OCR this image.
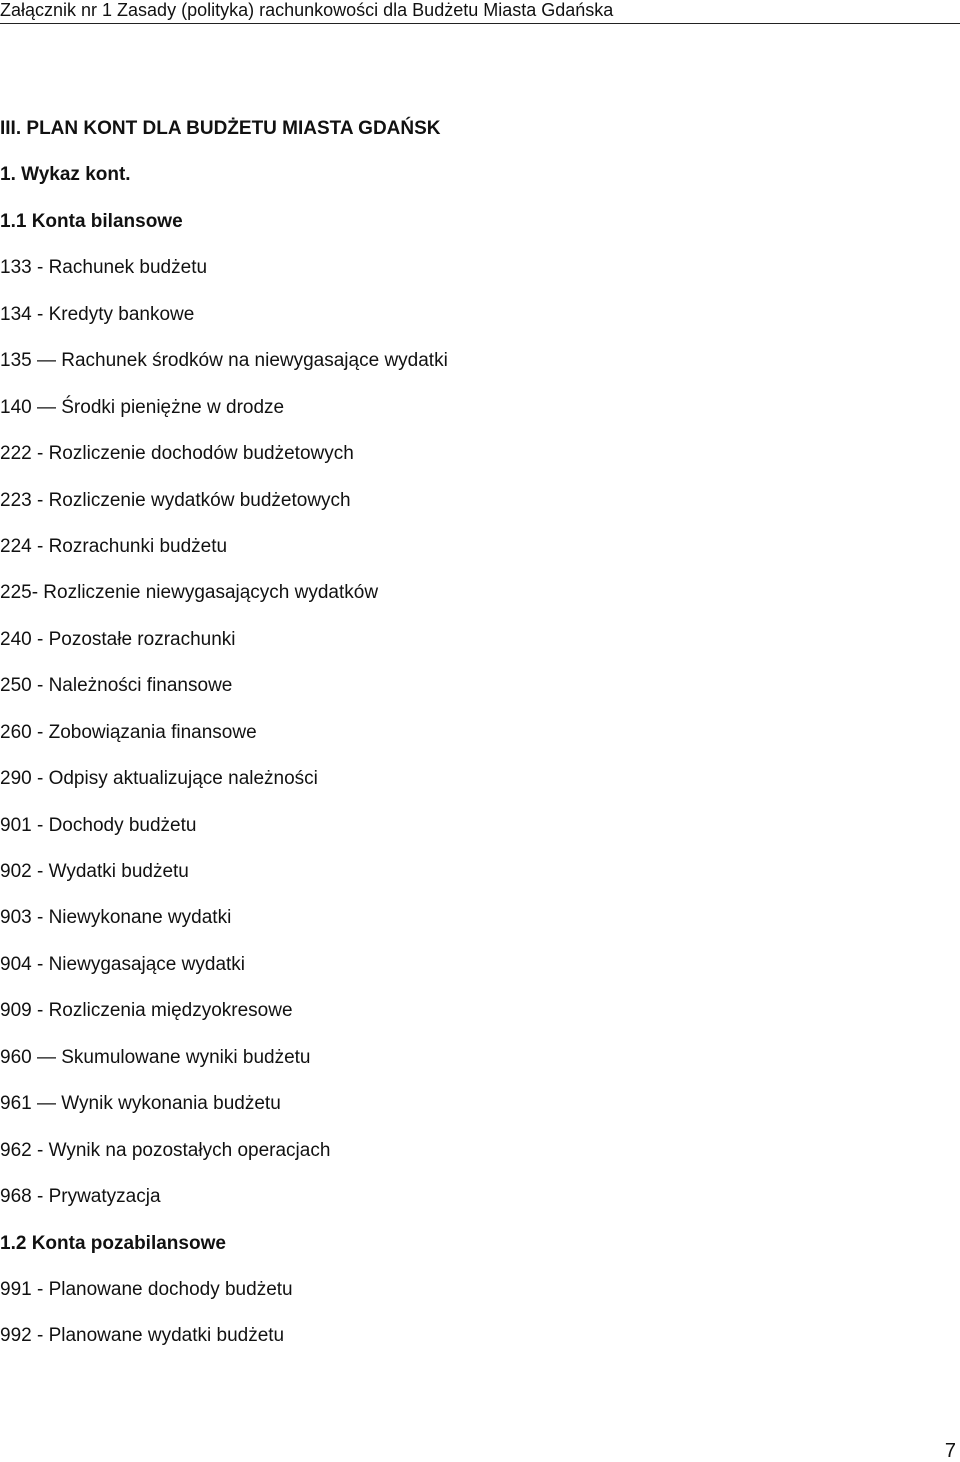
Załącznik nr 1 Zasady (polityka) rachunkowości dla Budżetu Miasta Gdańska
III. PLAN KONT DLA BUDŻETU MIASTA GDAŃSK
1. Wykaz kont.
1.1 Konta bilansowe
133 - Rachunek budżetu
134 - Kredyty bankowe
135 — Rachunek środków na niewygasające wydatki
140 — Środki pieniężne w drodze
222 - Rozliczenie dochodów budżetowych
223 - Rozliczenie wydatków budżetowych
224 - Rozrachunki budżetu
225- Rozliczenie niewygasających wydatków
240 - Pozostałe rozrachunki
250 - Należności finansowe
260 - Zobowiązania finansowe
290 - Odpisy aktualizujące należności
901 - Dochody budżetu
902 - Wydatki budżetu
903 - Niewykonane wydatki
904 - Niewygasające wydatki
909 - Rozliczenia międzyokresowe
960 — Skumulowane wyniki budżetu
961 — Wynik wykonania budżetu
962 - Wynik na pozostałych operacjach
968 - Prywatyzacja
1.2 Konta pozabilansowe
991 - Planowane dochody budżetu
992 - Planowane wydatki budżetu
7
